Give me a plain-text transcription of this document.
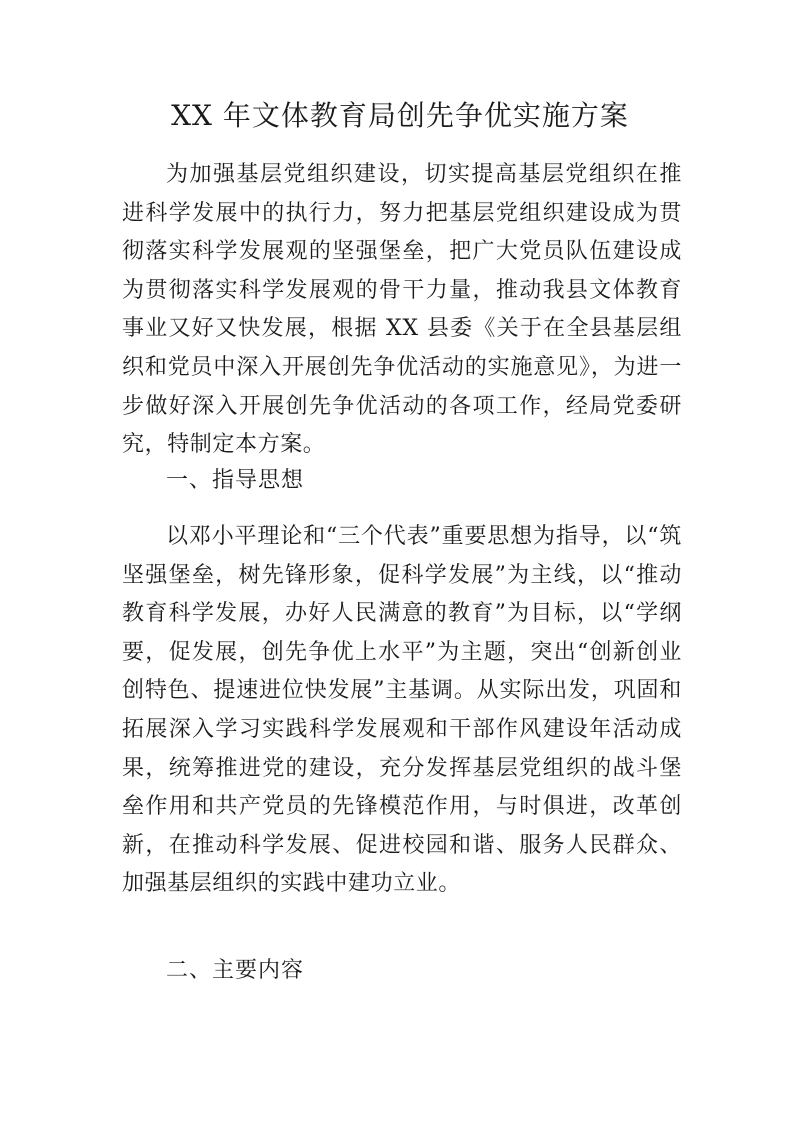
XX 年文体教育局创先争优实施方案

为加强基层党组织建设，切实提高基层党组织在推进科学发展中的执行力，努力把基层党组织建设成为贯彻落实科学发展观的坚强堡垒，把广大党员队伍建设成为贯彻落实科学发展观的骨干力量，推动我县文体教育事业又好又快发展，根据 XX 县委《关于在全县基层组织和党员中深入开展创先争优活动的实施意见》，为进一步做好深入开展创先争优活动的各项工作，经局党委研究，特制定本方案。

一、指导思想

以邓小平理论和“三个代表”重要思想为指导，以“筑坚强堡垒，树先锋形象，促科学发展”为主线，以“推动教育科学发展，办好人民满意的教育”为目标，以“学纲要，促发展，创先争优上水平”为主题，突出“创新创业创特色、提速进位快发展”主基调。从实际出发，巩固和拓展深入学习实践科学发展观和干部作风建设年活动成果，统筹推进党的建设，充分发挥基层党组织的战斗堡垒作用和共产党员的先锋模范作用，与时俱进，改革创新，在推动科学发展、促进校园和谐、服务人民群众、加强基层组织的实践中建功立业。

二、主要内容
